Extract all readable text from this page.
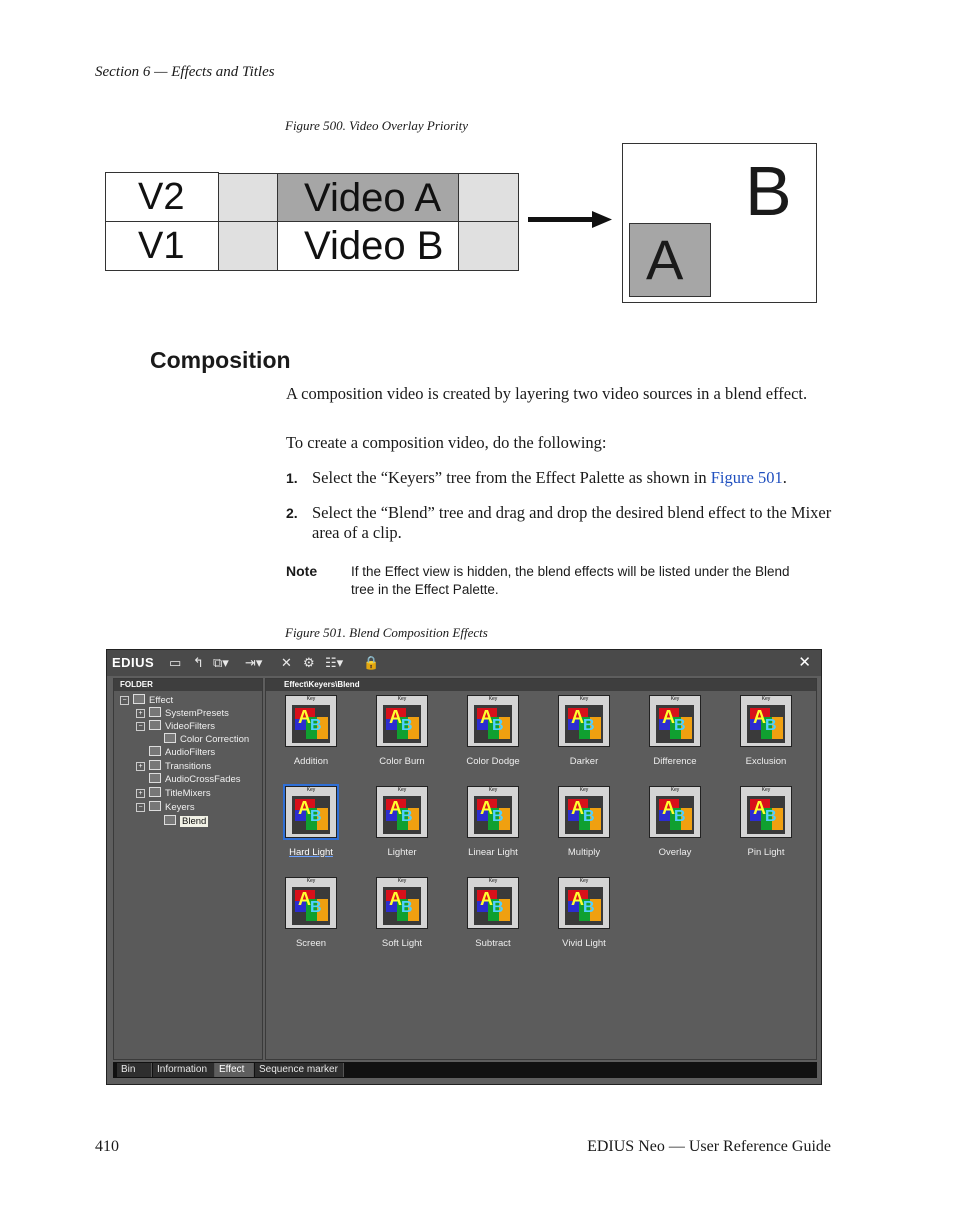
Section 6 — Effects and Titles
Figure 500. Video Overlay Priority
V2
V1
Video A
Video B
B
A
Composition
A composition video is created by layering two video sources in a blend effect.
To create a composition video, do the following:
1. Select the “Keyers” tree from the Effect Palette as shown in Figure 501.
2. Select the “Blend” tree and drag and drop the desired blend effect to the Mixer area of a clip.
Note	If the Effect view is hidden, the blend effects will be listed under the Blend tree in the Effect Palette.
Figure 501. Blend Composition Effects
EDIUS ▭ ↰ ⧉▾ ⇥▾ ✕ ⚙ ☷▾ 🔒	✕
FOLDER
− Effect
+ SystemPresets
− VideoFilters
Color Correction
AudioFilters
+ Transitions
AudioCrossFades
+ TitleMixers
− Keyers
Blend
Effect\Keyers\Blend
Key
A B
Addition
Key
A B
Color Burn
Key
A B
Color Dodge
Key
A B
Darker
Key
A B
Difference
Key
A B
Exclusion
Key
A B
Hard Light
Key
A B
Lighter
Key
A B
Linear Light
Key
A B
Multiply
Key
A B
Overlay
Key
A B
Pin Light
Key
A B
Screen
Key
A B
Soft Light
Key
A B
Subtract
Key
A B
Vivid Light
Bin	Information	Effect	Sequence marker
410	EDIUS Neo — User Reference Guide
